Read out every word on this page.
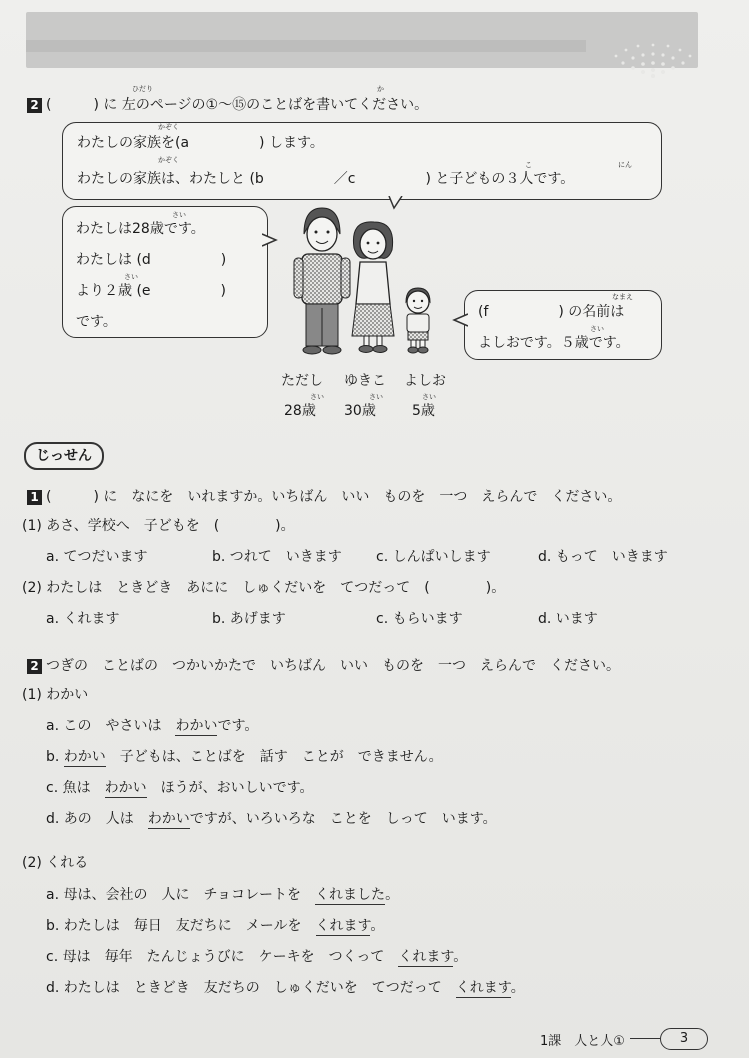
ひだり	か
2 (　　　) に 左のページの①〜⑮のことばを書いてください。
かぞく
わたしの家族を(a　　　　　) します。
かぞく
こ	にん
わたしの家族は、わたしと (b　　　　　／c　　　　　) と子どもの３人です。
さい
わたしは28歳です。
わたしは (d　　　　　)
さい
より２歳 (e　　　　　)
です。
なまえ
(f　　　　　) の名前は
さい
よしおです。５歳です。
ただし ゆきこ よしお
さい	さい	さい
28歳 30歳	5歳
じっせん
1 (　　　) に　なにを　いれますか。いちばん　いい　ものを　一つ　えらんで　ください。
(1) あさ、学校へ　子どもを　(　　　　)。
a. てつだいます	b. つれて　いきます c. しんぱいします	d. もって　いきます
(2) わたしは　ときどき　あにに　しゅくだいを　てつだって　(　　　　)。
a. くれます	b. あげます	c. もらいます	d. います
2 つぎの　ことばの　つかいかたで　いちばん　いい　ものを　一つ　えらんで　ください。
(1) わかい
a. この　やさいは　わかいです。
b. わかい　子どもは、ことばを　話す　ことが　できません。
c. 魚は　わかい　ほうが、おいしいです。
d. あの　人は　わかいですが、いろいろな　ことを　しって　います。
(2) くれる
a. 母は、会社の　人に　チョコレートを　くれました。
b. わたしは　毎日　友だちに　メールを　くれます。
c. 母は　毎年　たんじょうびに　ケーキを　つくって　くれます。
d. わたしは　ときどき　友だちの　しゅくだいを　てつだって　くれます。
1課　人と人①	3
